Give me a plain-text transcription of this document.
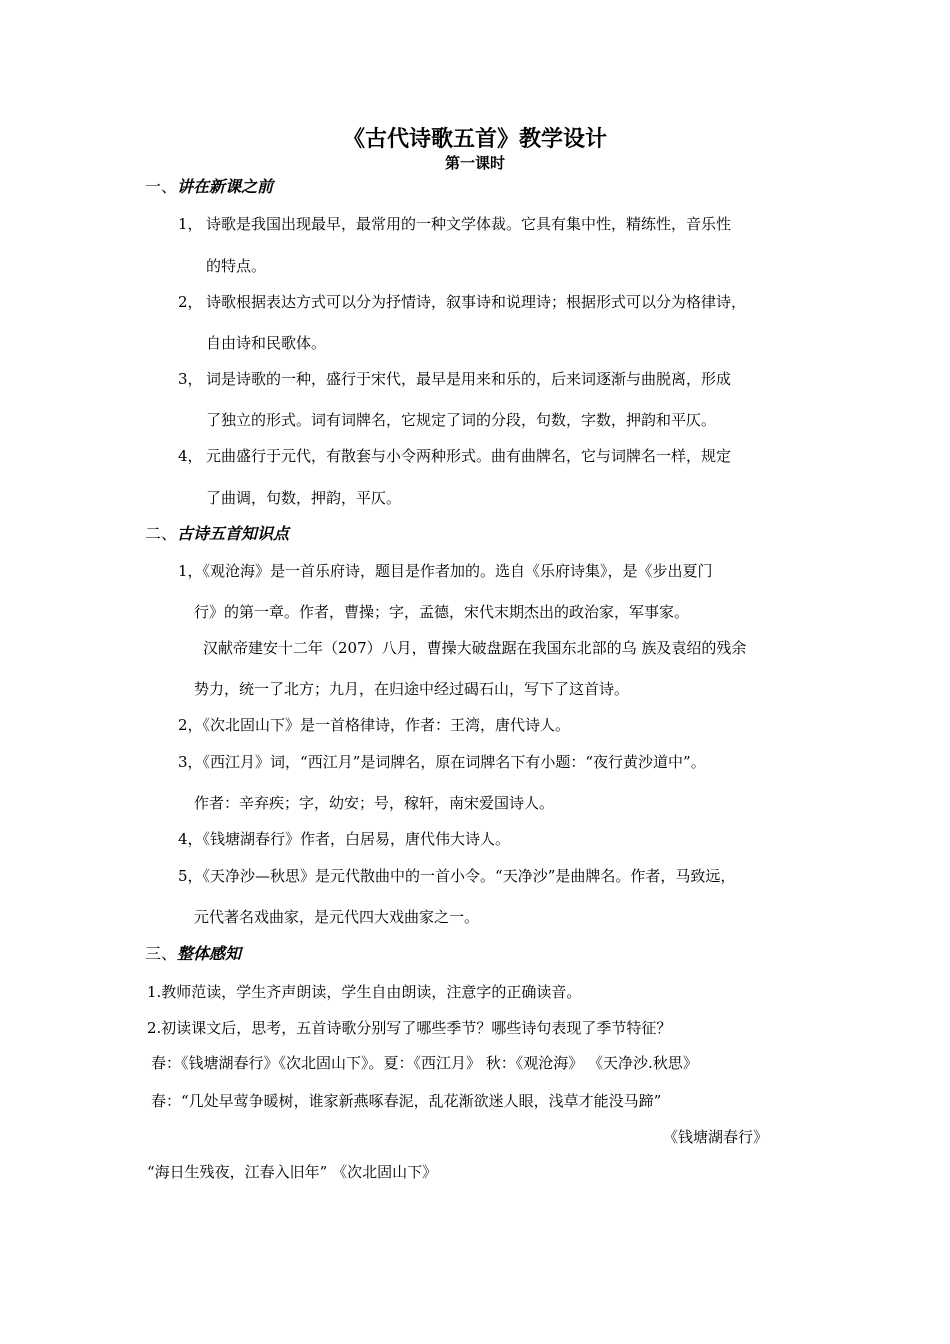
《古代诗歌五首》教学设计
第一课时
一、讲在新课之前
1， 诗歌是我国出现最早，最常用的一种文学体裁。它具有集中性，精练性，音乐性
的特点。
2， 诗歌根据表达方式可以分为抒情诗，叙事诗和说理诗；根据形式可以分为格律诗，
自由诗和民歌体。
3， 词是诗歌的一种，盛行于宋代，最早是用来和乐的，后来词逐渐与曲脱离，形成
了独立的形式。词有词牌名，它规定了词的分段，句数，字数，押韵和平仄。
4， 元曲盛行于元代，有散套与小令两种形式。曲有曲牌名，它与词牌名一样，规定
了曲调，句数，押韵，平仄。
二、古诗五首知识点
1，《观沧海》是一首乐府诗，题目是作者加的。选自《乐府诗集》，是《步出夏门
行》的第一章。作者，曹操；字，孟德，宋代末期杰出的政治家，军事家。
汉献帝建安十二年（207）八月，曹操大破盘踞在我国东北部的乌 族及袁绍的残余
势力，统一了北方；九月，在归途中经过碣石山，写下了这首诗。
2，《次北固山下》是一首格律诗，作者：王湾，唐代诗人。
3，《西江月》词，“西江月”是词牌名，原在词牌名下有小题：“夜行黄沙道中”。
作者：辛弃疾；字，幼安；号，稼轩，南宋爱国诗人。
4，《钱塘湖春行》作者，白居易，唐代伟大诗人。
5，《天净沙—秋思》是元代散曲中的一首小令。“天净沙”是曲牌名。作者，马致远，
元代著名戏曲家，是元代四大戏曲家之一。
三、整体感知
1.教师范读，学生齐声朗读，学生自由朗读，注意字的正确读音。
2.初读课文后，思考，五首诗歌分别写了哪些季节？哪些诗句表现了季节特征？
春：《钱塘湖春行》《次北固山下》。夏：《西江月》 秋：《观沧海》 《天净沙.秋思》
春：“几处早莺争暖树，谁家新燕啄春泥，乱花渐欲迷人眼，浅草才能没马蹄”
《钱塘湖春行》
“海日生残夜，江春入旧年” 《次北固山下》
